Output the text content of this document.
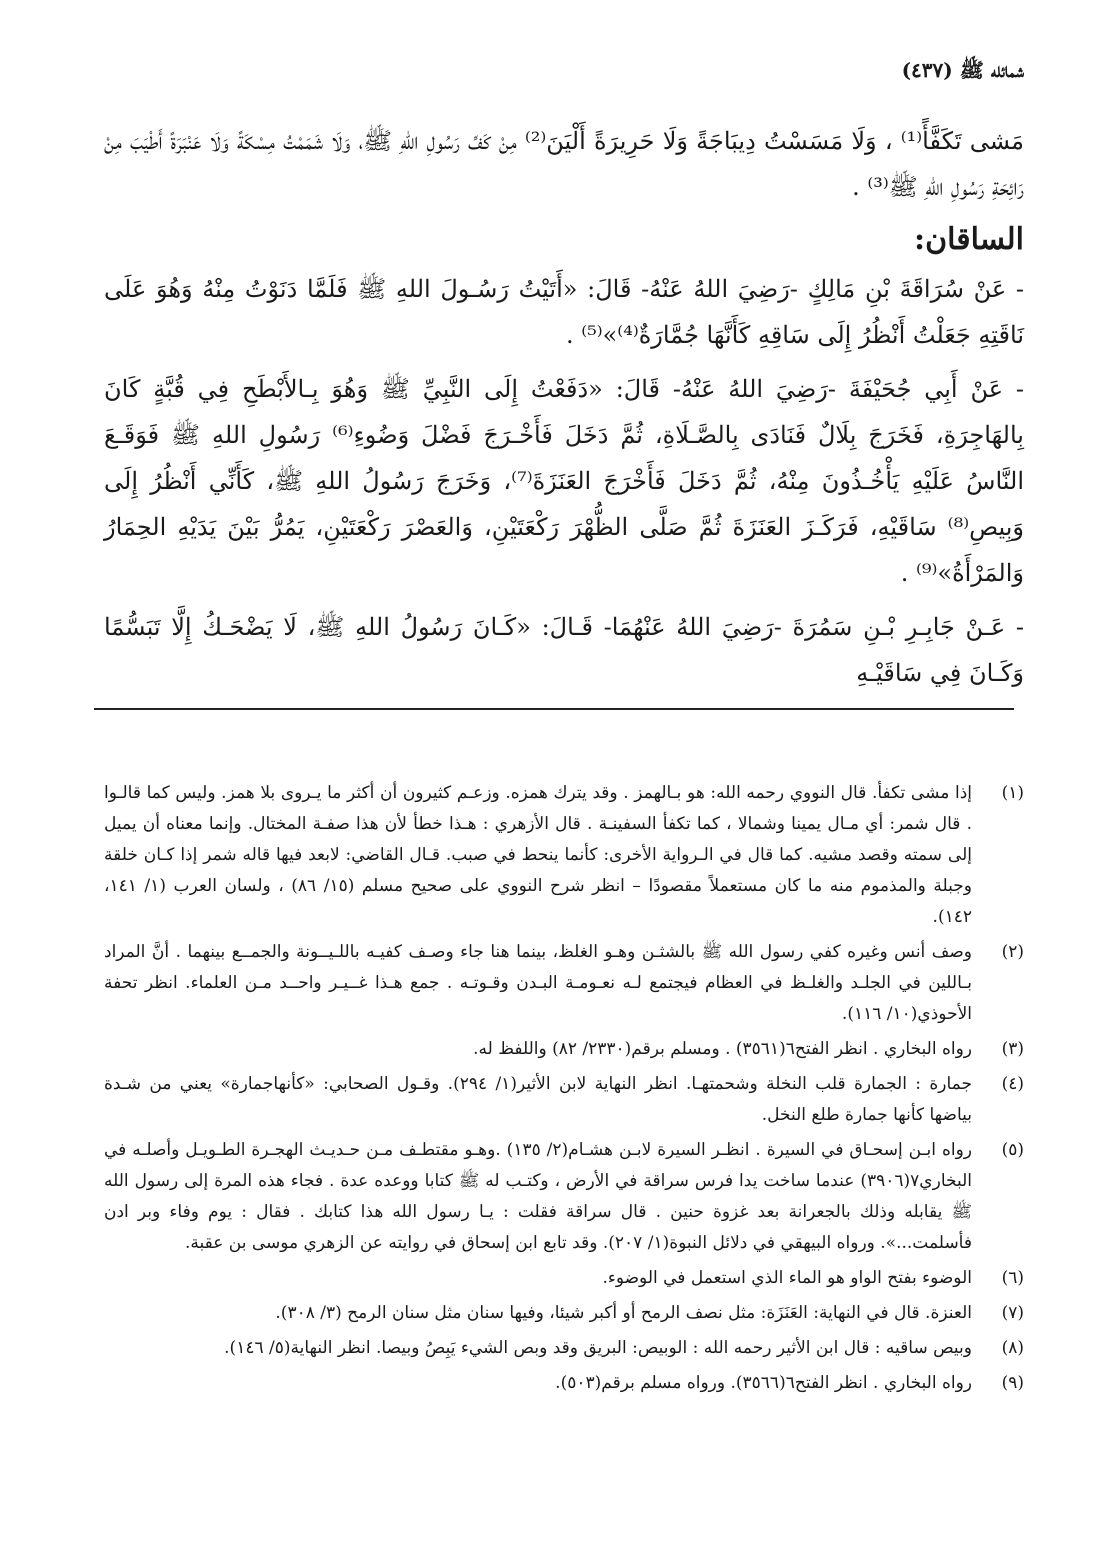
شمائله ﷺ (٤٣٧)

مَشى تَكَفَّأً⁽¹⁾ ، وَلَا مَسَسْتُ دِيبَاجَةً وَلَا حَرِيرَةً أَلْيَنَ⁽²⁾ مِنْ كَفِّ رَسُولِ اللهِ ﷺ، وَلَا شَمَمْتُ مِسْكَةً وَلَا عَنْبَرَةً أَطْيَبَ مِنْ رَائِحَةِ رَسُولِ اللهِ ﷺ⁽³⁾ .

الساقان:

- عَنْ سُرَاقَةَ بْنِ مَالِكٍ -رَضِيَ اللهُ عَنْهُ- قَالَ: «أَتَيْتُ رَسُـولَ اللهِ ﷺ فَلَمَّا دَنَوْتُ مِنْهُ وَهُوَ عَلَى نَاقَتِهِ جَعَلْتُ أَنْظُرُ إِلَى سَاقِهِ كَأَنَّهَا جُمَّارَةٌ⁽⁴⁾»⁽⁵⁾ .

- عَنْ أَبِي جُحَيْفَةَ -رَضِيَ اللهُ عَنْهُ- قَالَ: «دَفَعْتُ إِلَى النَّبِيِّ ﷺ وَهُوَ بِـالأَبْطَحِ فِي قُبَّةٍ كَانَ بِالهَاجِرَةِ، فَخَرَجَ بِلَالٌ فَنَادَى بِالصَّـلَاةِ، ثُمَّ دَخَلَ فَأَخْـرَجَ فَضْلَ وَضُوءِ⁽⁶⁾ رَسُولِ اللهِ ﷺ فَوَقَـعَ النَّاسُ عَلَيْهِ يَأْخُـذُونَ مِنْهُ، ثُمَّ دَخَلَ فَأَخْرَجَ العَنَزَةَ⁽⁷⁾، وَخَرَجَ رَسُولُ اللهِ ﷺ، كَأَنِّي أَنْظُرُ إِلَى وَبِيصِ⁽⁸⁾ سَاقَيْهِ، فَرَكَـزَ العَنَزَةَ ثُمَّ صَلَّى الظُّهْرَ رَكْعَتَيْنِ، وَالعَصْرَ رَكْعَتَيْنِ، يَمُرُّ بَيْنَ يَدَيْهِ الحِمَارُ وَالمَرْأَةُ»⁽⁹⁾ .

- عَـنْ جَابِـرِ بْـنِ سَمُرَةَ -رَضِيَ اللهُ عَنْهُمَا- قَـالَ: «كَـانَ رَسُولُ اللهِ ﷺ، لَا يَضْحَـكُ إِلَّا تَبَسُّمًا وَكَـانَ فِي سَاقَيْـهِ

(١)
إذا مشى تكفأ. قال النووي رحمه الله: هو بـالهمز . وقد يترك همزه. وزعـم كثيرون أن أكثر ما يـروى بلا همز. وليس كما قالـوا . قال شمر: أي مـال يمينا وشمالا ، كما تكفأ السفينـة . قال الأزهري : هـذا خطأ لأن هذا صفـة المختال. وإنما معناه أن يميل إلى سمته وقصد مشيه. كما قال في الـرواية الأخرى: كأنما ينحط في صبب. قـال القاضي: لابعد فيها قاله شمر إذا كـان خلقة وجبلة والمذموم منه ما كان مستعملاً مقصودًا – انظر شرح النووي على صحيح مسلم (١٥/ ٨٦) ، ولسان العرب (١/ ١٤١، ١٤٢).
(٢)
وصف أنس وغيره كفي رسول الله ﷺ بالشثـن وهـو الغلظ، بينما هنا جاء وصـف كفيـه باللـيــونة والجمــع بينهما . أنَّ المراد بـاللين في الجلـد والغلـظ في العظام فيجتمع لـه نعـومـة البـدن وقـوتـه . جمع هـذا غــيـر واحــد مـن العلماء. انظر تحفة الأحوذي(١٠/ ١١٦).
(٣)
رواه البخاري . انظر الفتح٦(٣٥٦١) . ومسلم برقم(٢٣٣٠/ ٨٢) واللفظ له.
(٤)
جمارة : الجمارة قلب النخلة وشحمتهـا. انظر النهاية لابن الأثير(١/ ٢٩٤). وقـول الصحابي: «كأنهاجمارة» يعني من شـدة بياضها كأنها جمارة طلع النخل.
(٥)
رواه ابـن إسحـاق في السيرة . انظـر السيرة لابـن هشـام(٢/ ١٣٥) .وهـو مقتطـف مـن حـديـث الهجـرة الطـويـل وأصلـه في البخاري٧(٣٩٠٦) عندما ساخت يدا فرس سراقة في الأرض ، وكتـب له ﷺ كتابا ووعده عدة . فجاء هذه المرة إلى رسول الله ﷺ يقابله وذلك بالجعرانة بعد غزوة حنين . قال سراقة فقلت : يـا رسول الله هذا كتابك . فقال : يوم وفاء وبر ادن فأسلمت...». ورواه البيهقي في دلائل النبوة(١/ ٢٠٧). وقد تابع ابن إسحاق في روايته عن الزهري موسى بن عقبة.
(٦)
الوضوء بفتح الواو هو الماء الذي استعمل في الوضوء.
(٧)
العنزة. قال في النهاية: العَنَزَة: مثل نصف الرمح أو أكبر شيئا، وفيها سنان مثل سنان الرمح (٣/ ٣٠٨).
(٨)
وبيص ساقيه : قال ابن الأثير رحمه الله : الوبيص: البريق وقد وبص الشيء يَبِصُ وبيصا. انظر النهاية(٥/ ١٤٦).
(٩)
رواه البخاري . انظر الفتح٦(٣٥٦٦). ورواه مسلم برقم(٥٠٣).
